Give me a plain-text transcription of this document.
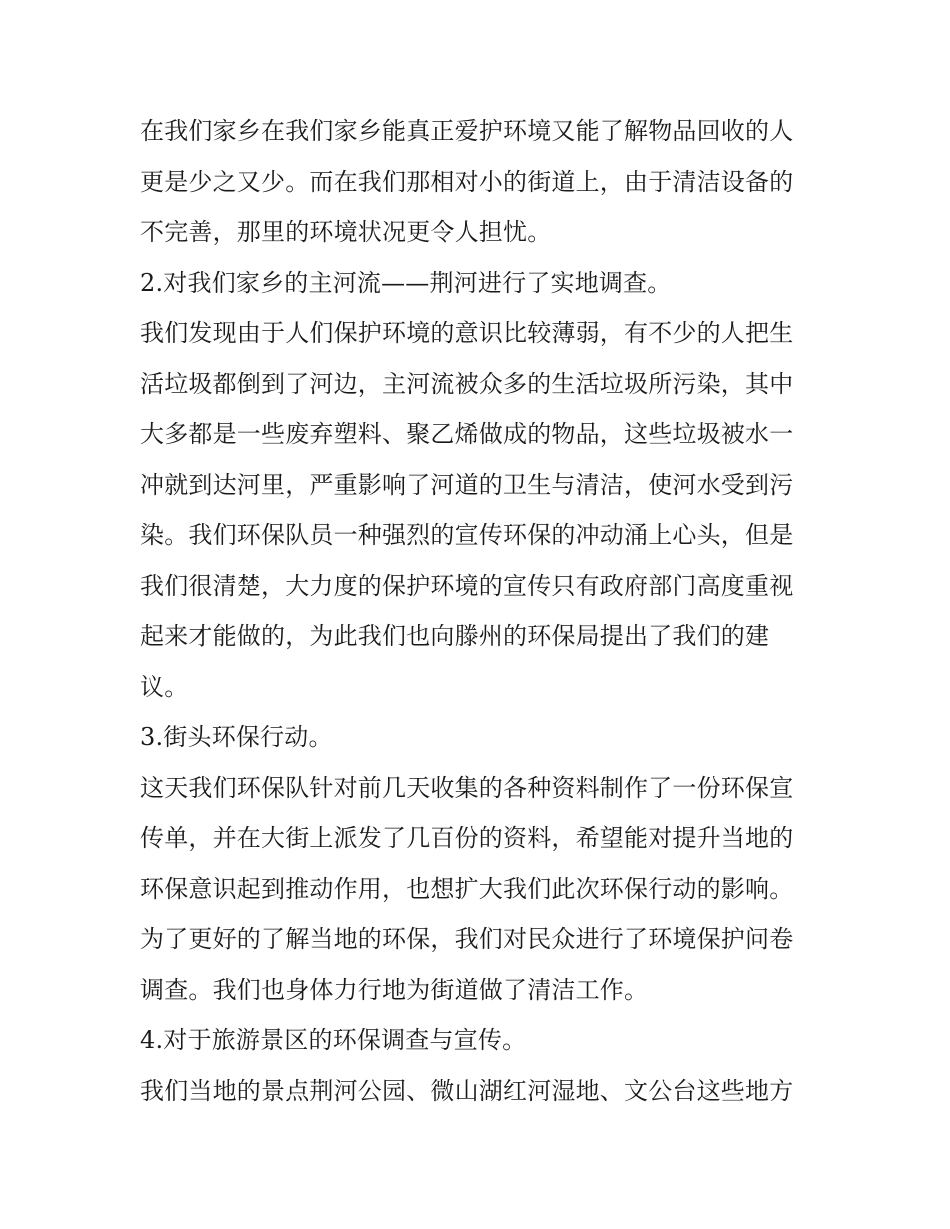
在我们家乡在我们家乡能真正爱护环境又能了解物品回收的人
更是少之又少。而在我们那相对小的街道上，由于清洁设备的
不完善，那里的环境状况更令人担忧。
2.对我们家乡的主河流——荆河进行了实地调查。
我们发现由于人们保护环境的意识比较薄弱，有不少的人把生
活垃圾都倒到了河边，主河流被众多的生活垃圾所污染，其中
大多都是一些废弃塑料、聚乙烯做成的物品，这些垃圾被水一
冲就到达河里，严重影响了河道的卫生与清洁，使河水受到污
染。我们环保队员一种强烈的宣传环保的冲动涌上心头，但是
我们很清楚，大力度的保护环境的宣传只有政府部门高度重视
起来才能做的，为此我们也向滕州的环保局提出了我们的建
议。
3.街头环保行动。
这天我们环保队针对前几天收集的各种资料制作了一份环保宣
传单，并在大街上派发了几百份的资料，希望能对提升当地的
环保意识起到推动作用，也想扩大我们此次环保行动的影响。
为了更好的了解当地的环保，我们对民众进行了环境保护问卷
调查。我们也身体力行地为街道做了清洁工作。
4.对于旅游景区的环保调查与宣传。
我们当地的景点荆河公园、微山湖红河湿地、文公台这些地方
